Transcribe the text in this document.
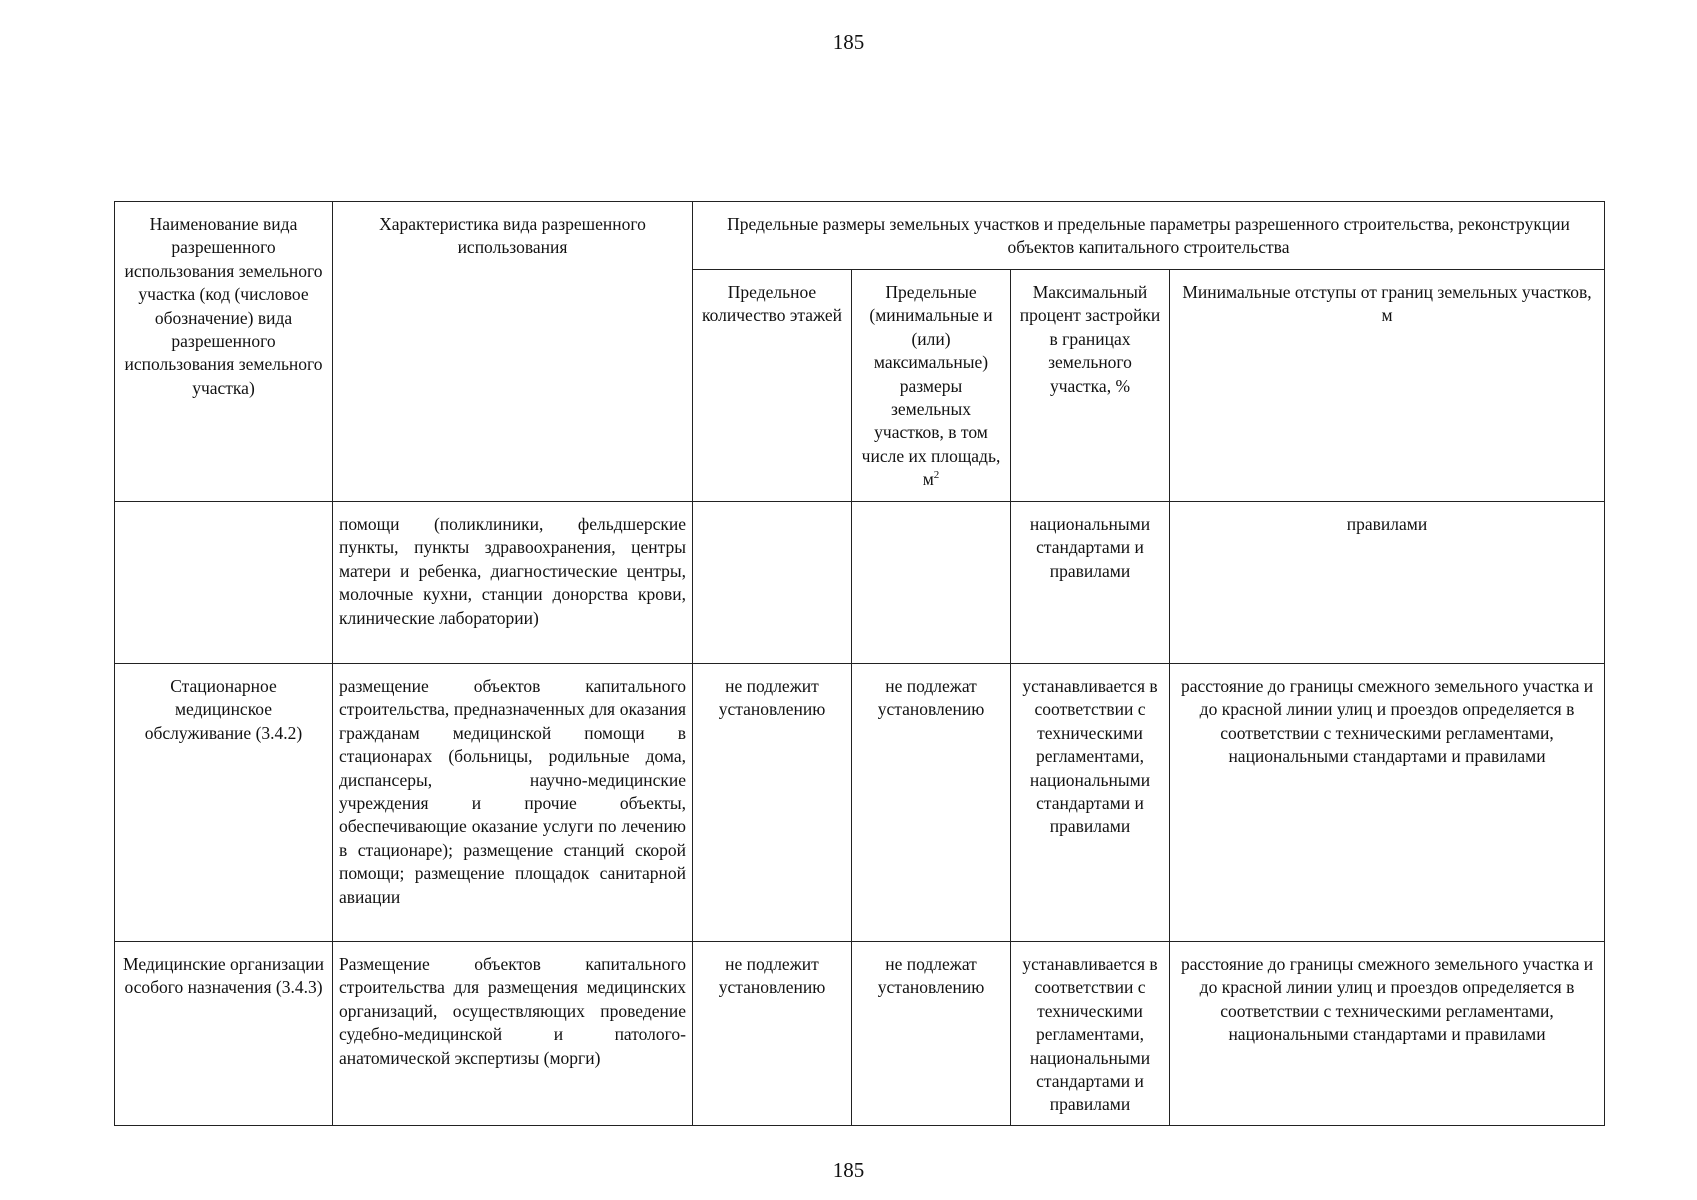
185
Наименование вида разрешенного использования земельного участка (код (числовое обозначение) вида разрешенного использования земельного участка)	Характеристика вида разрешенного использования	Предельные размеры земельных участков и предельные параметры разрешенного строительства, реконструкции объектов капитального строительства			
		Предельное количество этажей	Предельные (минимальные и (или) максимальные) размеры земельных участков, в том числе их площадь, $м^2$	Максимальный процент застройки в границах земельного участка, %	Минимальные отступы от границ земельных участков, м
	помощи (поликлиники, фельдшерские пункты, пункты здравоохранения, центры матери и ребенка, диагностические центры, молочные кухни, станции донорства крови, клинические лаборатории)			национальными стандартами и правилами	правилами
Стационарное медицинское обслуживание (3.4.2)	размещение объектов капитального строительства, предназначенных для оказания гражданам медицинской помощи в стационарах (больницы, родильные дома, диспансеры, научно-медицинские учреждения и прочие объекты, обеспечивающие оказание услуги по лечению в стационаре); размещение станций скорой помощи; размещение площадок санитарной авиации	не подлежит установлению	не подлежат установлению	устанавливается в соответствии с техническими регламентами, национальными стандартами и правилами	расстояние до границы смежного земельного участка и до красной линии улиц и проездов определяется в соответствии с техническими регламентами, национальными стандартами и правилами
Медицинские организации особого назначения (3.4.3)	Размещение объектов капитального строительства для размещения медицинских организаций, осуществляющих проведение судебно-медицинской и патолого-анатомической экспертизы (морги)	не подлежит установлению	не подлежат установлению	устанавливается в соответствии с техническими регламентами, национальными стандартами и правилами	расстояние до границы смежного земельного участка и до красной линии улиц и проездов определяется в соответствии с техническими регламентами, национальными стандартами и правилами
185
